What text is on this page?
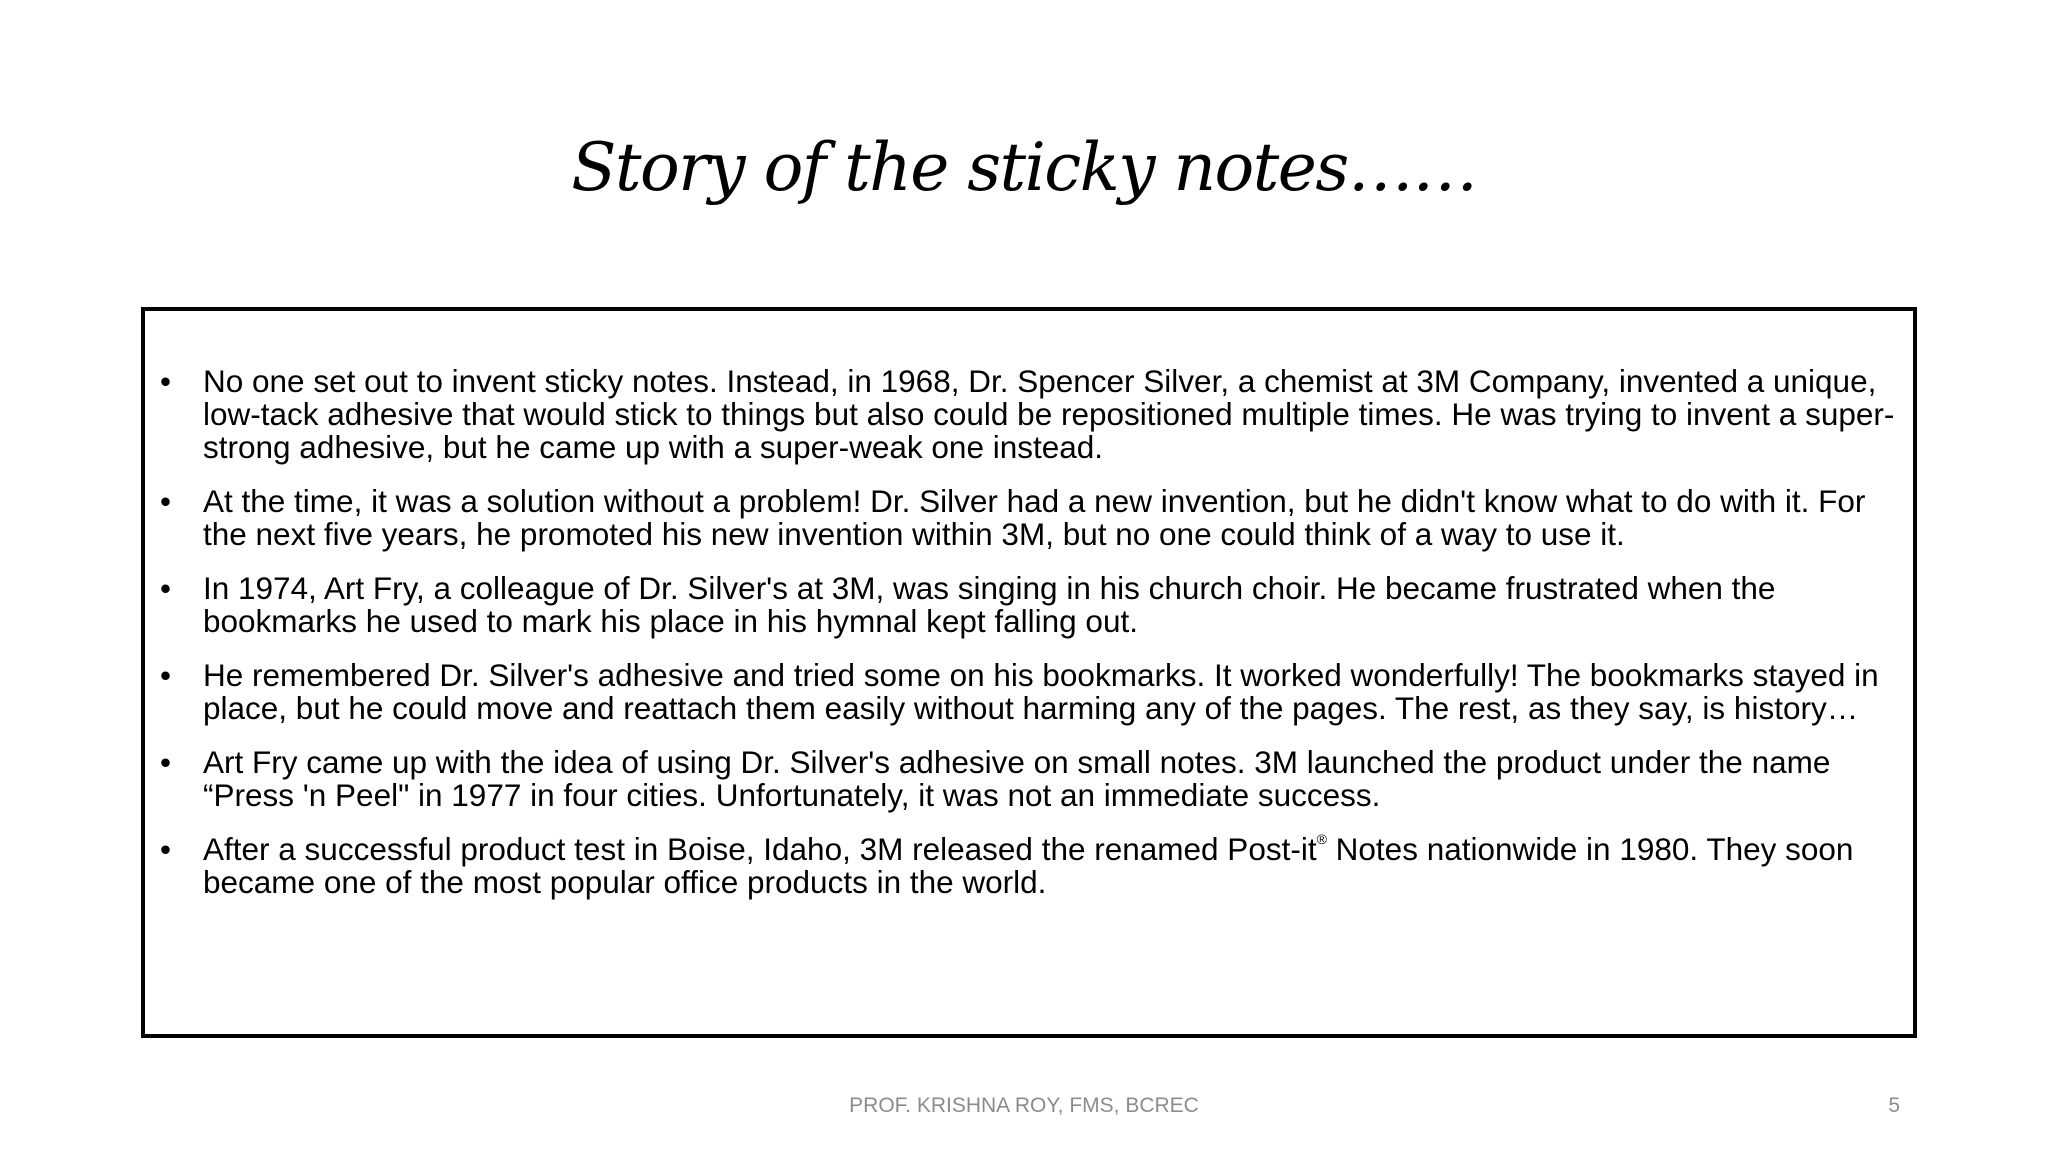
Story of the sticky notes……
•	No one set out to invent sticky notes. Instead, in 1968, Dr. Spencer Silver, a chemist at 3M Company, invented a unique, low-tack adhesive that would stick to things but also could be repositioned multiple times. He was trying to invent a super-strong adhesive, but he came up with a super-weak one instead.
•	At the time, it was a solution without a problem! Dr. Silver had a new invention, but he didn't know what to do with it. For the next five years, he promoted his new invention within 3M, but no one could think of a way to use it.
•	In 1974, Art Fry, a colleague of Dr. Silver's at 3M, was singing in his church choir. He became frustrated when the bookmarks he used to mark his place in his hymnal kept falling out.
•	He remembered Dr. Silver's adhesive and tried some on his bookmarks. It worked wonderfully! The bookmarks stayed in place, but he could move and reattach them easily without harming any of the pages. The rest, as they say, is history…
•	Art Fry came up with the idea of using Dr. Silver's adhesive on small notes. 3M launched the product under the name “Press 'n Peel" in 1977 in four cities. Unfortunately, it was not an immediate success.
•	After a successful product test in Boise, Idaho, 3M released the renamed Post-it® Notes nationwide in 1980. They soon became one of the most popular office products in the world.
PROF. KRISHNA ROY, FMS, BCREC	5
